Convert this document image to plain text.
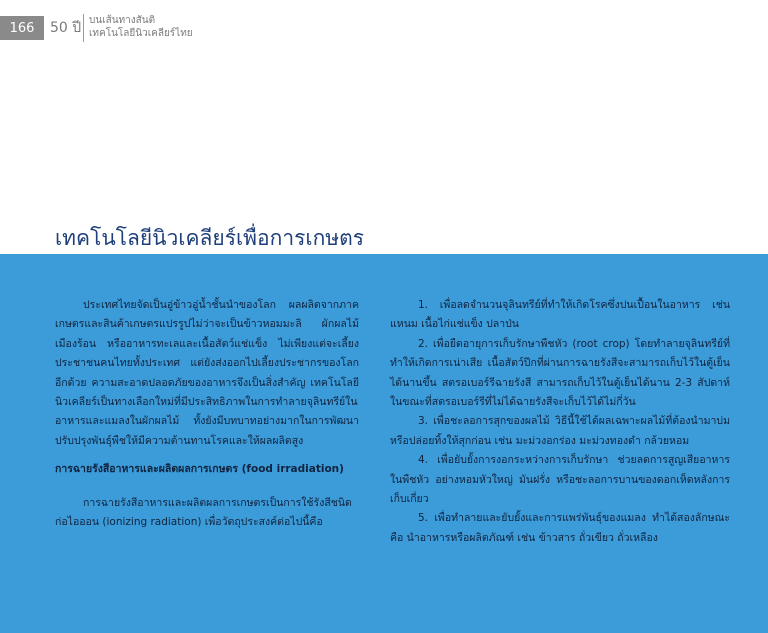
166 50 ปี บนเส้นทางสันติ
เทคโนโลยีนิวเคลียร์ไทย
เทคโนโลยีนิวเคลียร์เพื่อการเกษตร

ประเทศไทยจัดเป็นอู่ข้าวอู่น้ำชั้นนำของโลก ผลผลิตจากภาคเกษตรและสินค้าเกษตรแปรรูปไม่ว่าจะเป็นข้าวหอมมะลิ ผักผลไม้เมืองร้อน หรืออาหารทะเลและเนื้อสัตว์แช่แข็ง ไม่เพียงแต่จะเลี้ยงประชาชนคนไทยทั้งประเทศ แต่ยังส่งออกไปเลี้ยงประชากรของโลกอีกด้วย ความสะอาดปลอดภัยของอาหารจึงเป็นสิ่งสำคัญ เทคโนโลยีนิวเคลียร์เป็นทางเลือกใหม่ที่มีประสิทธิภาพในการทำลายจุลินทรีย์ในอาหารและแมลงในผักผลไม้ ทั้งยังมีบทบาทอย่างมากในการพัฒนาปรับปรุงพันธุ์พืชให้มีความต้านทานโรคและให้ผลผลิตสูง

การฉายรังสีอาหารและผลิตผลการเกษตร (food irradiation)

การฉายรังสีอาหารและผลิตผลการเกษตรเป็นการใช้รังสีชนิดก่อไอออน (ionizing radiation) เพื่อวัตถุประสงค์ต่อไปนี้คือ

1. เพื่อลดจำนวนจุลินทรีย์ที่ทำให้เกิดโรคซึ่งปนเปื้อนในอาหาร เช่น แหนม เนื้อไก่แช่แข็ง ปลาป่น

2. เพื่อยืดอายุการเก็บรักษาพืชหัว (root crop) โดยทำลายจุลินทรีย์ที่ทำให้เกิดการเน่าเสีย เนื้อสัตว์ปีกที่ผ่านการฉายรังสีจะสามารถเก็บไว้ในตู้เย็นได้นานขึ้น สตรอเบอร์รีฉายรังสี สามารถเก็บไว้ในตู้เย็นได้นาน 2-3 สัปดาห์ ในขณะที่สตรอเบอร์รีที่ไม่ได้ฉายรังสีจะเก็บไว้ได้ไม่กี่วัน

3. เพื่อชะลอการสุกของผลไม้ วิธีนี้ใช้ได้ผลเฉพาะผลไม้ที่ต้องนำมาบ่มหรือปล่อยทิ้งให้สุกก่อน เช่น มะม่วงอกร่อง มะม่วงทองดำ กล้วยหอม

4. เพื่อยับยั้งการงอกระหว่างการเก็บรักษา ช่วยลดการสูญเสียอาหารในพืชหัว อย่างหอมหัวใหญ่ มันฝรั่ง หรือชะลอการบานของดอกเห็ดหลังการเก็บเกี่ยว

5. เพื่อทำลายและยับยั้งและการแพร่พันธุ์ของแมลง ทำได้สองลักษณะคือ นำอาหารหรือผลิตภัณฑ์ เช่น ข้าวสาร ถั่วเขียว ถั่วเหลือง
